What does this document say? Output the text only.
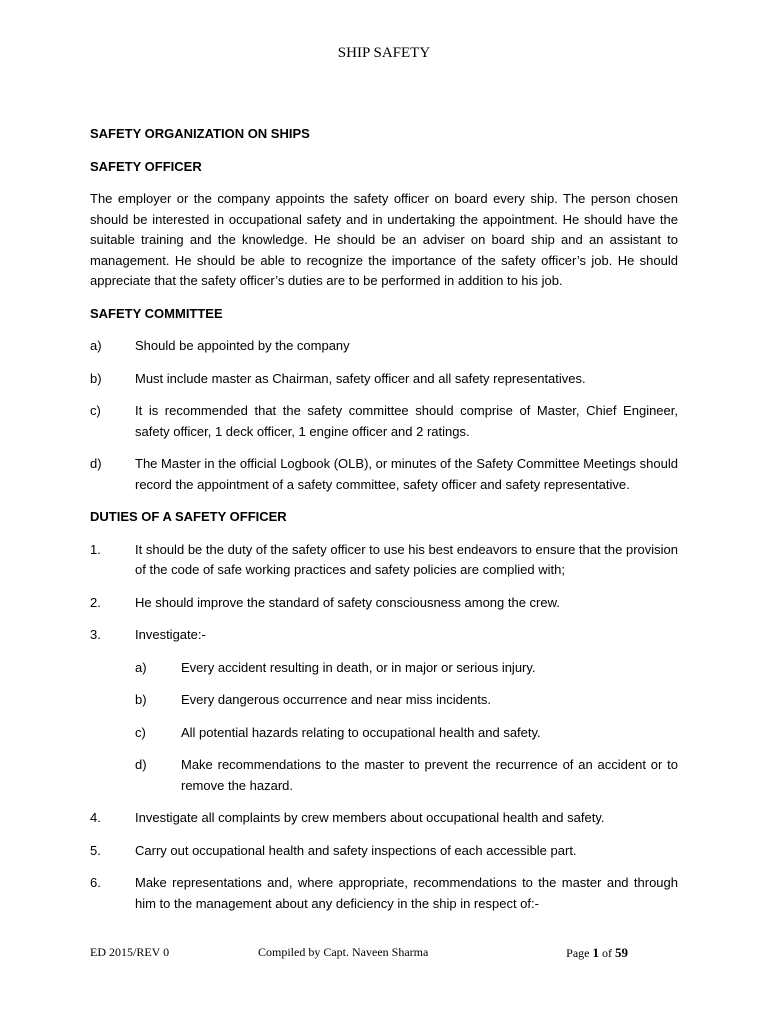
SHIP SAFETY
SAFETY ORGANIZATION ON SHIPS
SAFETY OFFICER
The employer or the company appoints the safety officer on board every ship. The person chosen should be interested in occupational safety and in undertaking the appointment. He should have the suitable training and the knowledge. He should be an adviser on board ship and an assistant to management. He should be able to recognize the importance of the safety officer’s job. He should appreciate that the safety officer’s duties are to be performed in addition to his job.
SAFETY COMMITTEE
a)	Should be appointed by the company
b)	Must include master as Chairman, safety officer and all safety representatives.
c)	It is recommended that the safety committee should comprise of Master, Chief Engineer, safety officer, 1 deck officer, 1 engine officer and 2 ratings.
d)	The Master in the official Logbook (OLB), or minutes of the Safety Committee Meetings should record the appointment of a safety committee, safety officer and safety representative.
DUTIES OF A SAFETY OFFICER
1.	It should be the duty of the safety officer to use his best endeavors to ensure that the provision of the code of safe working practices and safety policies are complied with;
2.	He should improve the standard of safety consciousness among the crew.
3.	Investigate:-
a)	Every accident resulting in death, or in major or serious injury.
b)	Every dangerous occurrence and near miss incidents.
c)	All potential hazards relating to occupational health and safety.
d)	Make recommendations to the master to prevent the recurrence of an accident or to remove the hazard.
4.	Investigate all complaints by crew members about occupational health and safety.
5.	Carry out occupational health and safety inspections of each accessible part.
6.	Make representations and, where appropriate, recommendations to the master and through him to the management about any deficiency in the ship in respect of:-
ED 2015/REV 0	Compiled by Capt. Naveen Sharma	Page 1 of 59
